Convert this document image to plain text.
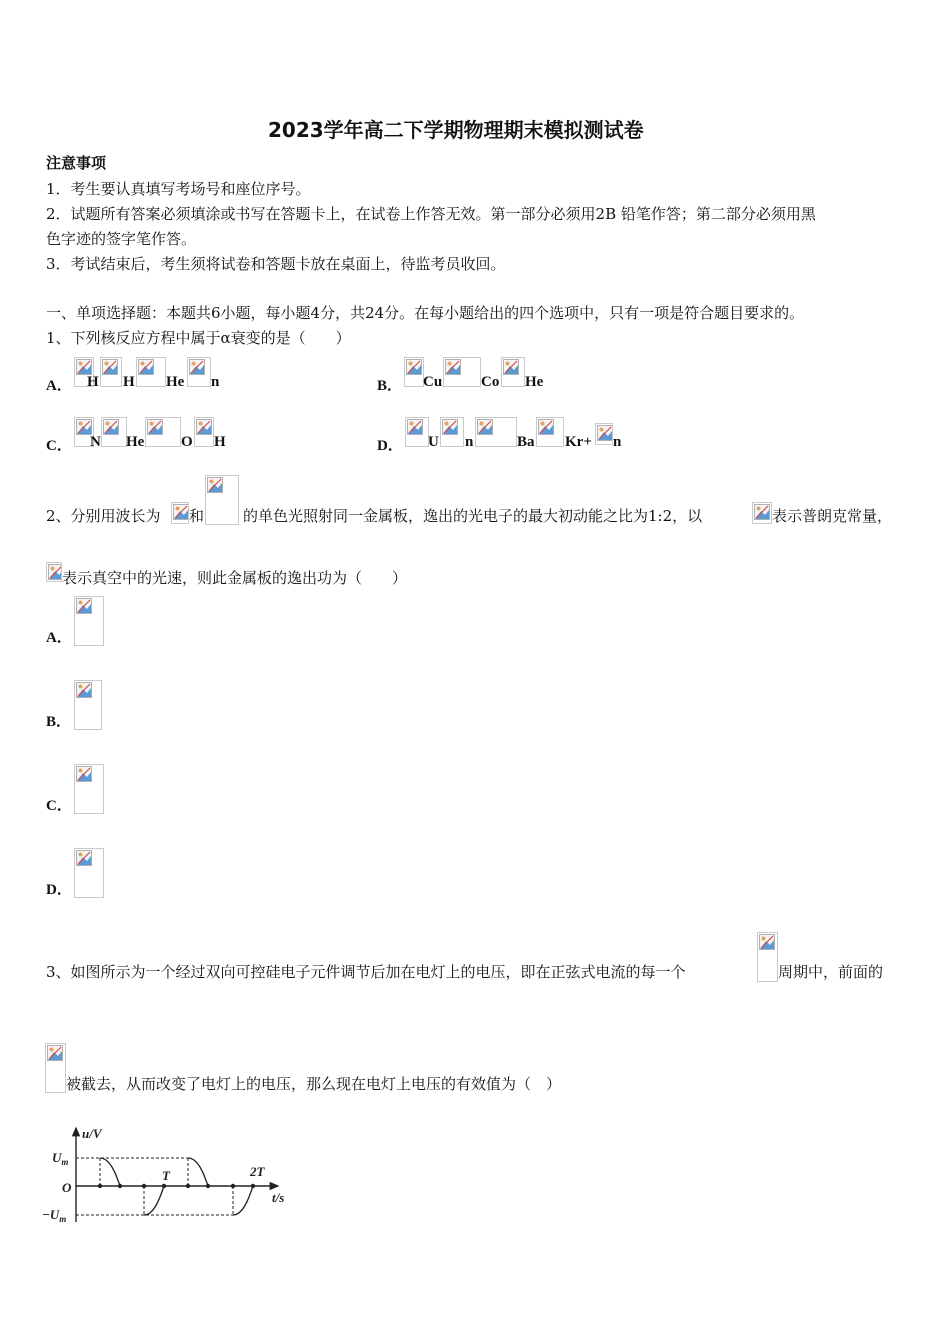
2023学年高二下学期物理期末模拟测试卷
注意事项
1．考生要认真填写考场号和座位序号。
2．试题所有答案必须填涂或书写在答题卡上，在试卷上作答无效。第一部分必须用2B 铅笔作答；第二部分必须用黑
色字迹的签字笔作答。
3．考试结束后，考生须将试卷和答题卡放在桌面上，待监考员收回。
一、单项选择题：本题共6小题，每小题4分，共24分。在每小题给出的四个选项中，只有一项是符合题目要求的。
1、下列核反应方程中属于α衰变的是（　　）
A． H H He n	B． Cu	Co He
C． N He O H	D． U n	Ba Kr+ n
2、分别用波长为 和	的单色光照射同一金属板，逸出的光电子的最大初动能之比为1:2，以	表示普朗克常量，
表示真空中的光速，则此金属板的逸出功为（　　）
A．
B．
C．
D．
3、如图所示为一个经过双向可控硅电子元件调节后加在电灯上的电压，即在正弦式电流的每一个	周期中，前面的
被截去，从而改变了电灯上的电压，那么现在电灯上电压的有效值为（　）
u/V
t/s
$U_m$
O
$-U_m$
T	2T
